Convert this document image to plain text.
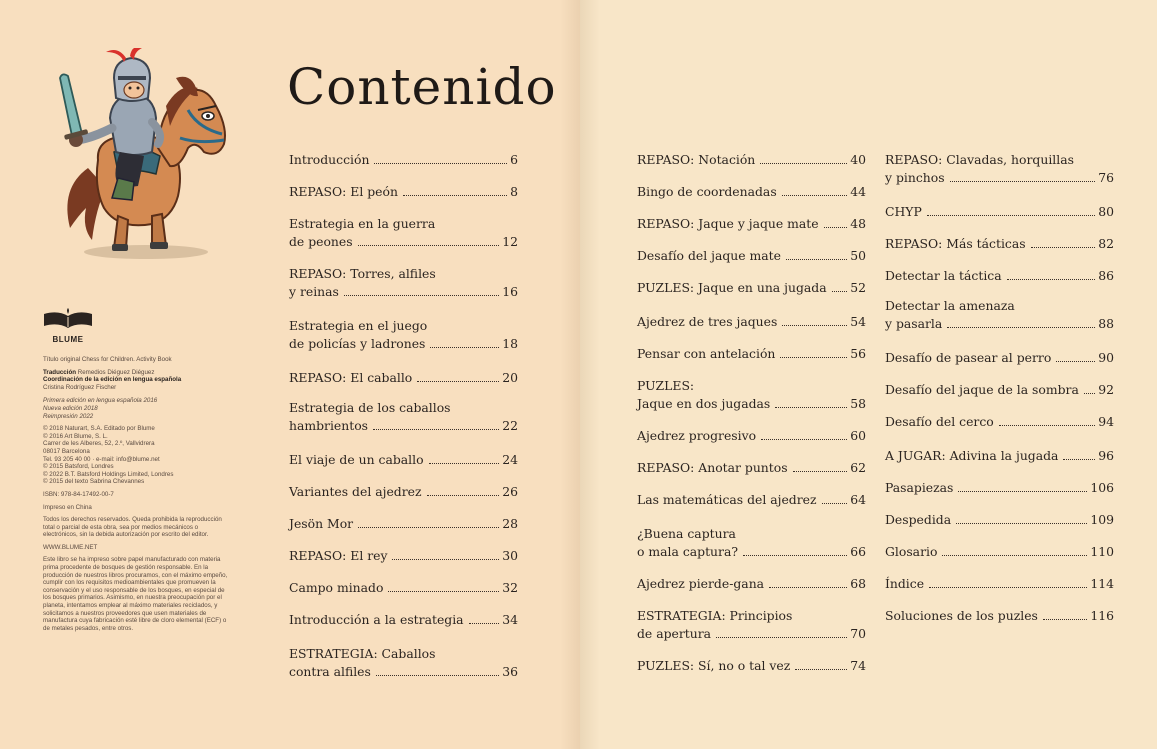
BLUME

Título original Chess for Children. Activity Book

Traducción Remedios Diéguez Diéguez
Coordinación de la edición en lengua española
Cristina Rodríguez Fischer

Primera edición en lengua española 2016
Nueva edición 2018
Reimpresión 2022

© 2018 Naturart, S.A. Editado por Blume
© 2016 Art Blume, S. L.
Carrer de les Alberes, 52, 2.º, Vallvidrera
08017 Barcelona
Tel. 93 205 40 00 · e-mail: info@blume.net
© 2015 Batsford, Londres
© 2022 B.T. Batsford Holdings Limited, Londres
© 2015 del texto Sabrina Chevannes

ISBN: 978-84-17492-00-7

Impreso en China

Todos los derechos reservados. Queda prohibida la reproducción total o parcial de esta obra, sea por medios mecánicos o electrónicos, sin la debida autorización por escrito del editor.

WWW.BLUME.NET

Este libro se ha impreso sobre papel manufacturado con materia prima procedente de bosques de gestión responsable. En la producción de nuestros libros procuramos, con el máximo empeño, cumplir con los requisitos medioambientales que promueven la conservación y el uso responsable de los bosques, en especial de los bosques primarios. Asimismo, en nuestra preocupación por el planeta, intentamos emplear al máximo materiales reciclados, y solicitamos a nuestros proveedores que usen materiales de manufactura cuya fabricación esté libre de cloro elemental (ECF) o de metales pesados, entre otros.

Contenido
Introducción	6
REPASO: El peón	8
Estrategia en la guerra
de peones	12
REPASO: Torres, alfiles
y reinas	16
Estrategia en el juego
de policías y ladrones	18
REPASO: El caballo	20
Estrategia de los caballos
hambrientos	22
El viaje de un caballo	24
Variantes del ajedrez	26
Jesön Mor	28
REPASO: El rey	30
Campo minado	32
Introducción a la estrategia	34
ESTRATEGIA: Caballos
contra alfiles	36
REPASO: Notación	40
Bingo de coordenadas	44
REPASO: Jaque y jaque mate	48
Desafío del jaque mate	50
PUZLES: Jaque en una jugada 52
Ajedrez de tres jaques	54
Pensar con antelación	56
PUZLES:
Jaque en dos jugadas	58
Ajedrez progresivo	60
REPASO: Anotar puntos	62
Las matemáticas del ajedrez	64
¿Buena captura
o mala captura?	66
Ajedrez pierde-gana	68
ESTRATEGIA: Principios
de apertura	70
PUZLES: Sí, no o tal vez	74
REPASO: Clavadas, horquillas
y pinchos	76
CHYP	80
REPASO: Más tácticas	82
Detectar la táctica	86
Detectar la amenaza
y pasarla	88
Desafío de pasear al perro	90
Desafío del jaque de la sombra 92
Desafío del cerco	94
A JUGAR: Adivina la jugada	96
Pasapiezas	106
Despedida	109
Glosario	110
Índice	114
Soluciones de los puzles	116
